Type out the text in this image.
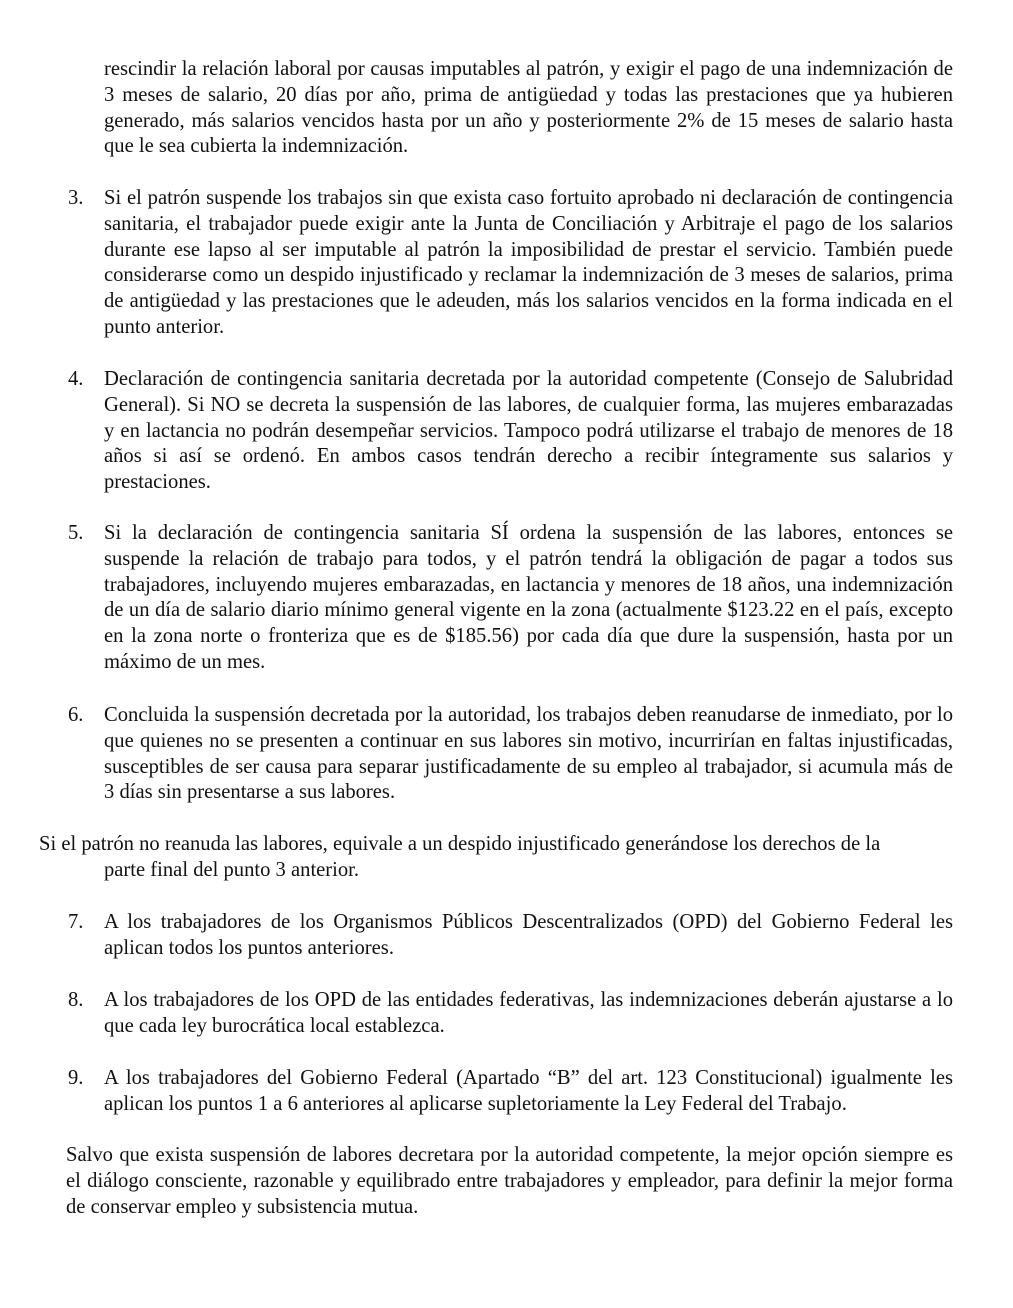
rescindir la relación laboral por causas imputables al patrón, y exigir el pago de una indemnización de 3 meses de salario, 20 días por año, prima de antigüedad y todas las prestaciones que ya hubieren generado, más salarios vencidos hasta por un año y posteriormente 2% de 15 meses de salario hasta que le sea cubierta la indemnización.

3. Si el patrón suspende los trabajos sin que exista caso fortuito aprobado ni declaración de contingencia sanitaria, el trabajador puede exigir ante la Junta de Conciliación y Arbitraje el pago de los salarios durante ese lapso al ser imputable al patrón la imposibilidad de prestar el servicio. También puede considerarse como un despido injustificado y reclamar la indemnización de 3 meses de salarios, prima de antigüedad y las prestaciones que le adeuden, más los salarios vencidos en la forma indicada en el punto anterior.

4. Declaración de contingencia sanitaria decretada por la autoridad competente (Consejo de Salubridad General). Si NO se decreta la suspensión de las labores, de cualquier forma, las mujeres embarazadas y en lactancia no podrán desempeñar servicios. Tampoco podrá utilizarse el trabajo de menores de 18 años si así se ordenó. En ambos casos tendrán derecho a recibir íntegramente sus salarios y prestaciones.

5. Si la declaración de contingencia sanitaria SÍ ordena la suspensión de las labores, entonces se suspende la relación de trabajo para todos, y el patrón tendrá la obligación de pagar a todos sus trabajadores, incluyendo mujeres embarazadas, en lactancia y menores de 18 años, una indemnización de un día de salario diario mínimo general vigente en la zona (actualmente $123.22 en el país, excepto en la zona norte o fronteriza que es de $185.56) por cada día que dure la suspensión, hasta por un máximo de un mes.

6. Concluida la suspensión decretada por la autoridad, los trabajos deben reanudarse de inmediato, por lo que quienes no se presenten a continuar en sus labores sin motivo, incurrirían en faltas injustificadas, susceptibles de ser causa para separar justificadamente de su empleo al trabajador, si acumula más de 3 días sin presentarse a sus labores.

Si el patrón no reanuda las labores, equivale a un despido injustificado generándose los derechos de la
parte final del punto 3 anterior.

7. A los trabajadores de los Organismos Públicos Descentralizados (OPD) del Gobierno Federal les aplican todos los puntos anteriores.

8. A los trabajadores de los OPD de las entidades federativas, las indemnizaciones deberán ajustarse a lo que cada ley burocrática local establezca.

9. A los trabajadores del Gobierno Federal (Apartado “B” del art. 123 Constitucional) igualmente les aplican los puntos 1 a 6 anteriores al aplicarse supletoriamente la Ley Federal del Trabajo.

Salvo que exista suspensión de labores decretara por la autoridad competente, la mejor opción siempre es el diálogo consciente, razonable y equilibrado entre trabajadores y empleador, para definir la mejor forma de conservar empleo y subsistencia mutua.
